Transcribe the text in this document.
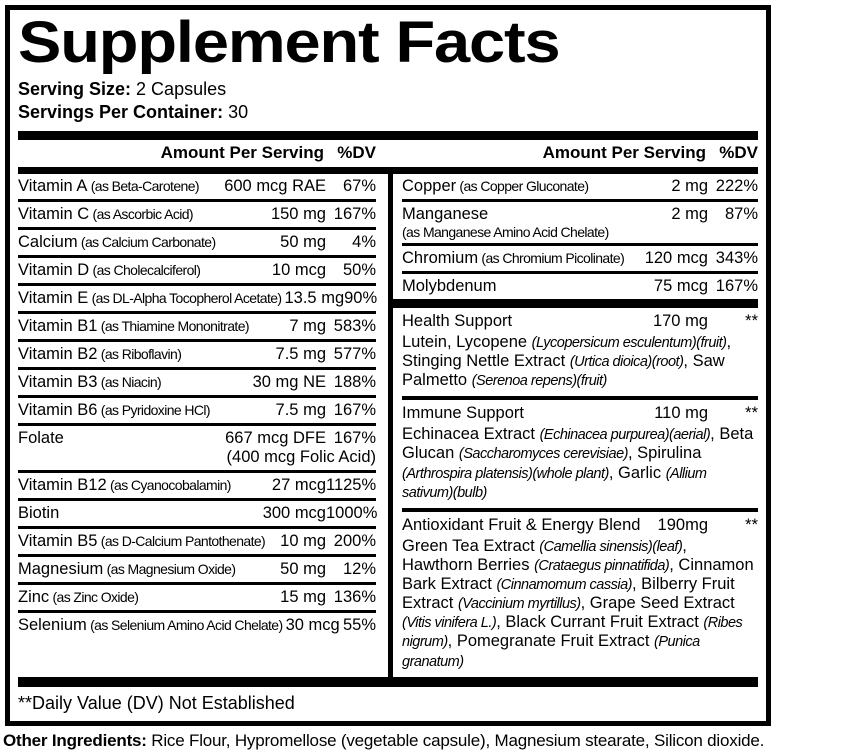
Supplement Facts
Serving Size: 2 Capsules
Servings Per Container: 30
Amount Per Serving %DV	Amount Per Serving %DV
Vitamin A (as Beta-Carotene)	600 mcg RAE	67%
Vitamin C (as Ascorbic Acid)	150 mg 167%
Calcium (as Calcium Carbonate)	50 mg	4%
Vitamin D (as Cholecalciferol)	10 mcg	50%
Vitamin E (as DL-Alpha Tocopherol Acetate) 13.5 mg 90%
Vitamin B1 (as Thiamine Mononitrate)	7 mg 583%
Vitamin B2 (as Riboflavin)	7.5 mg 577%
Vitamin B3 (as Niacin)	30 mg NE 188%
Vitamin B6 (as Pyridoxine HCl)	7.5 mg 167%
Folate	667 mcg DFE 167%
(400 mcg Folic Acid)
Vitamin B12 (as Cyanocobalamin)	27 mcg 1125%
Biotin	300 mcg 1000%
Vitamin B5 (as D-Calcium Pantothenate) 10 mg 200%
Magnesium (as Magnesium Oxide)	50 mg	12%
Zinc (as Zinc Oxide)	15 mg 136%
Selenium (as Selenium Amino Acid Chelate) 30 mcg 55%
Copper (as Copper Gluconate)	2 mg 222%
Manganese	2 mg	87%
(as Manganese Amino Acid Chelate)
Chromium (as Chromium Picolinate)	120 mcg 343%
Molybdenum	75 mcg 167%
Health Support	170 mg	**
Lutein, Lycopene (Lycopersicum esculentum)(fruit), Stinging Nettle Extract (Urtica dioica)(root), Saw Palmetto (Serenoa repens)(fruit)
Immune Support	110 mg	**
Echinacea Extract (Echinacea purpurea)(aerial), Beta Glucan (Saccharomyces cerevisiae), Spirulina (Arthrospira platensis)(whole plant), Garlic (Allium sativum)(bulb)
Antioxidant Fruit & Energy Blend	190mg	**
Green Tea Extract (Camellia sinensis)(leaf), Hawthorn Berries (Crataegus pinnatifida), Cinnamon Bark Extract (Cinnamomum cassia), Bilberry Fruit Extract (Vaccinium myrtillus), Grape Seed Extract (Vitis vinifera L.), Black Currant Fruit Extract (Ribes nigrum), Pomegranate Fruit Extract (Punica granatum)
**Daily Value (DV) Not Established
Other Ingredients: Rice Flour, Hypromellose (vegetable capsule), Magnesium stearate, Silicon dioxide.
